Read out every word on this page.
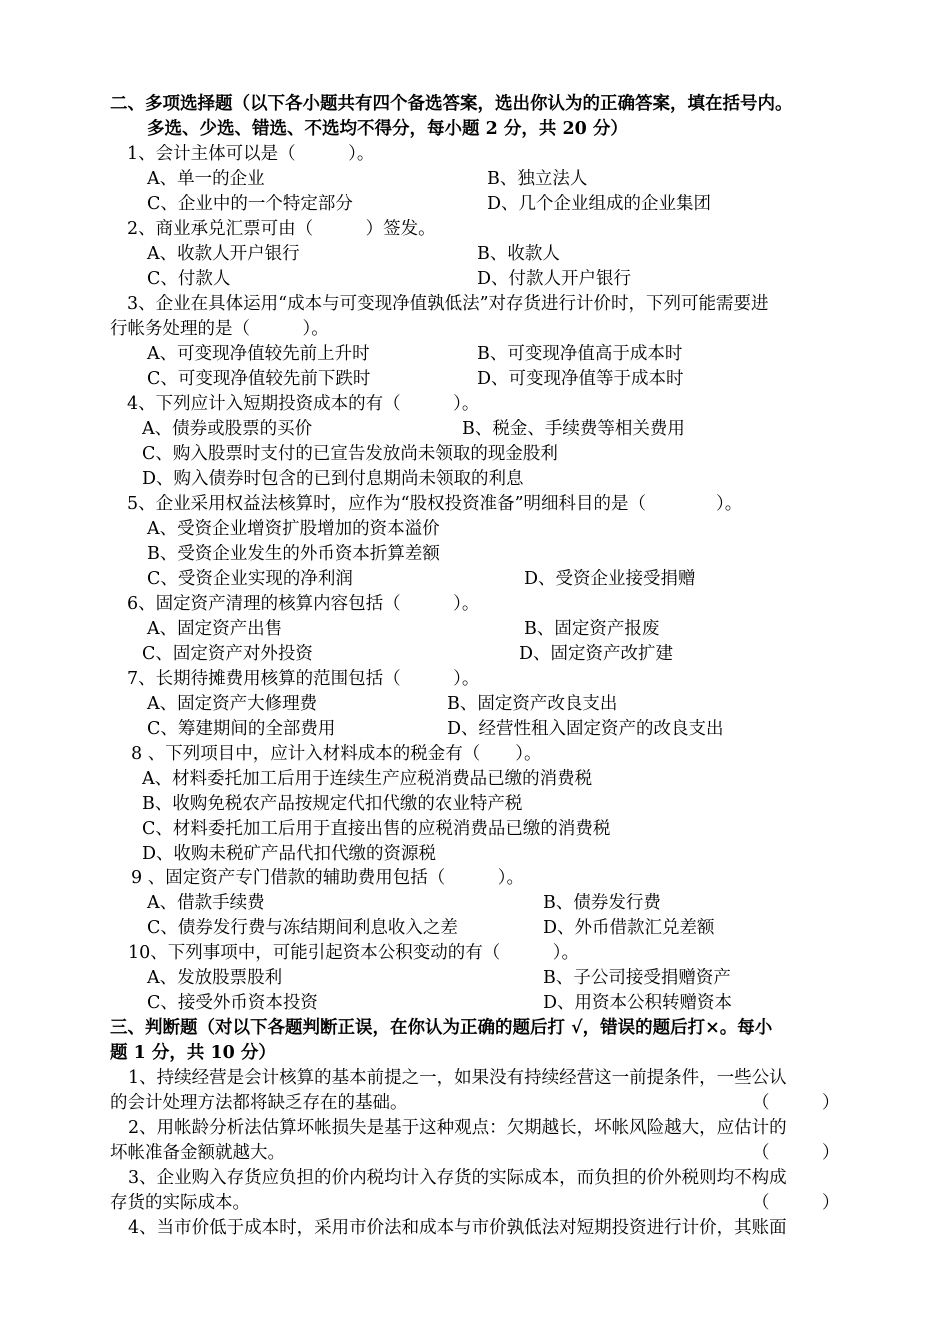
二、多项选择题（以下各小题共有四个备选答案，选出你认为的正确答案，填在括号内。
多选、少选、错选、不选均不得分，每小题 2 分，共 20 分）
1、会计主体可以是（　　　）。
A、单一的企业	B、独立法人
C、企业中的一个特定部分	D、几个企业组成的企业集团
2、商业承兑汇票可由（　　　）签发。
A、收款人开户银行	B、收款人
C、付款人	D、付款人开户银行
3、企业在具体运用“成本与可变现净值孰低法”对存货进行计价时，下列可能需要进
行帐务处理的是（　　　）。
A、可变现净值较先前上升时	B、可变现净值高于成本时
C、可变现净值较先前下跌时	D、可变现净值等于成本时
4、下列应计入短期投资成本的有（　　　）。
A、债券或股票的买价	B、税金、手续费等相关费用
C、购入股票时支付的已宣告发放尚未领取的现金股利
D、购入债券时包含的已到付息期尚未领取的利息
5、企业采用权益法核算时，应作为“股权投资准备”明细科目的是（　　　　）。
A、受资企业增资扩股增加的资本溢价
B、受资企业发生的外币资本折算差额
C、受资企业实现的净利润	D、受资企业接受捐赠
6、固定资产清理的核算内容包括（　　　）。
A、固定资产出售	B、固定资产报废
C、固定资产对外投资	D、固定资产改扩建
7、长期待摊费用核算的范围包括（　　　）。
A、固定资产大修理费	B、固定资产改良支出
C、筹建期间的全部费用	D、经营性租入固定资产的改良支出
8 、下列项目中，应计入材料成本的税金有（　　）。
A、材料委托加工后用于连续生产应税消费品已缴的消费税
B、收购免税农产品按规定代扣代缴的农业特产税
C、材料委托加工后用于直接出售的应税消费品已缴的消费税
D、收购未税矿产品代扣代缴的资源税
9 、固定资产专门借款的辅助费用包括（　　　）。
A、借款手续费	B、债券发行费
C、债券发行费与冻结期间利息收入之差	D、外币借款汇兑差额
10、下列事项中，可能引起资本公积变动的有（　　　）。
A、发放股票股利	B、子公司接受捐赠资产
C、接受外币资本投资	D、用资本公积转赠资本
三、判断题（对以下各题判断正误，在你认为正确的题后打 √，错误的题后打×。每小
题 1 分，共 10 分）
1、持续经营是会计核算的基本前提之一，如果没有持续经营这一前提条件，一些公认
的会计处理方法都将缺乏存在的基础。	（　　　）
2、用帐龄分析法估算坏帐损失是基于这种观点：欠期越长，坏帐风险越大，应估计的
坏帐准备金额就越大。	（　　　）
3、企业购入存货应负担的价内税均计入存货的实际成本，而负担的价外税则均不构成
存货的实际成本。	（　　　）
4、当市价低于成本时，采用市价法和成本与市价孰低法对短期投资进行计价，其账面
